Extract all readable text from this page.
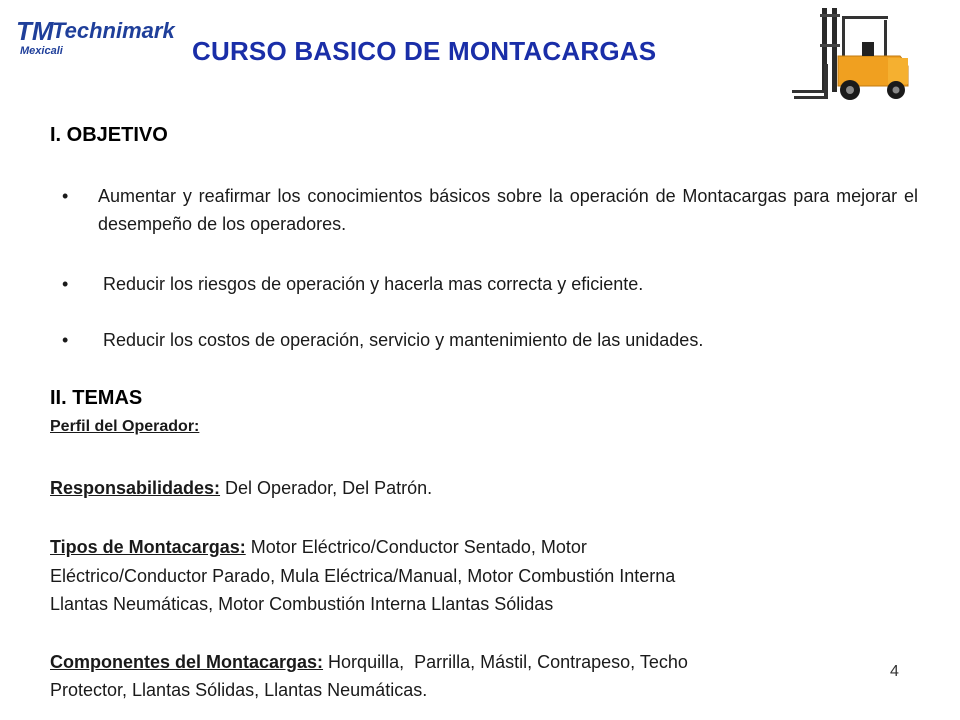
TM
Technimark
Mexicali	CURSO BASICO DE MONTACARGAS
I. OBJETIVO
• Aumentar y reafirmar los conocimientos básicos sobre la operación de Montacargas para mejorar el desempeño de los operadores.
• Reducir los riesgos de operación y hacerla mas correcta y eficiente.
• Reducir los costos de operación, servicio y mantenimiento de las unidades.
II. TEMAS
Perfil del Operador:
Responsabilidades: Del Operador, Del Patrón.
Tipos de Montacargas: Motor Eléctrico/Conductor Sentado, Motor
Eléctrico/Conductor Parado, Mula Eléctrica/Manual, Motor Combustión Interna
Llantas Neumáticas, Motor Combustión Interna Llantas Sólidas
Componentes del Montacargas: Horquilla,  Parrilla, Mástil, Contrapeso, Techo
Protector, Llantas Sólidas, Llantas Neumáticas.
4
